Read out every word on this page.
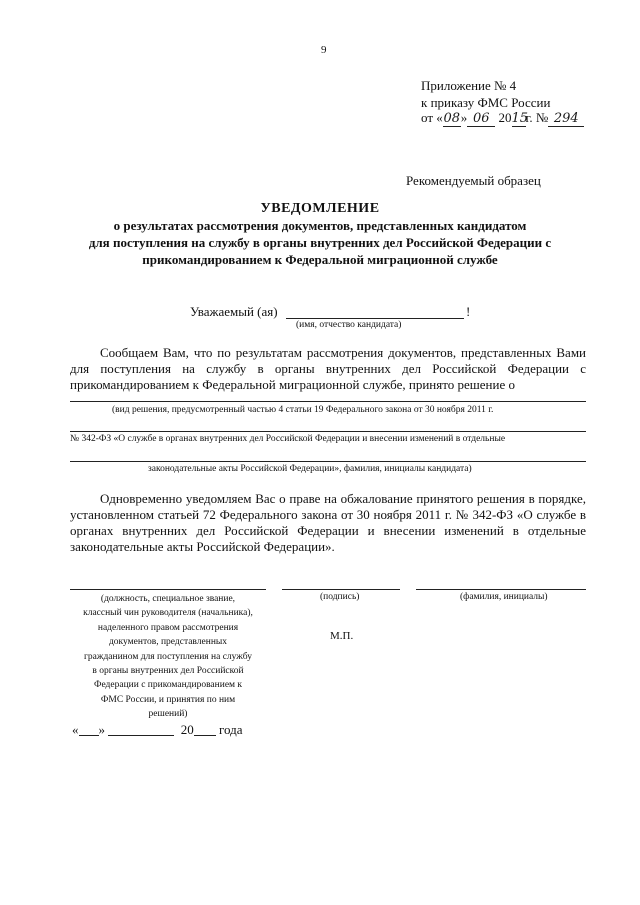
9
Приложение № 4
к приказу ФМС России
от «08» 06 2015г. № 294
Рекомендуемый образец
УВЕДОМЛЕНИЕ
о результатах рассмотрения документов, представленных кандидатом
для поступления на службу в органы внутренних дел Российской Федерации с
прикомандированием к Федеральной миграционной службе
Уважаемый (ая)	!
(имя, отчество кандидата)
Сообщаем Вам, что по результатам рассмотрения документов, представленных Вами
для поступления на службу в органы внутренних дел Российской Федерации с
прикомандированием к Федеральной миграционной службе, принято решение о
(вид решения, предусмотренный частью 4 статьи 19 Федерального закона от 30 ноября 2011 г.
№ 342-ФЗ «О службе в органах внутренних дел Российской Федерации и внесении изменений в отдельные
законодательные акты Российской Федерации», фамилия, инициалы кандидата)
Одновременно уведомляем Вас о праве на обжалование принятого решения в порядке,
установленном статьей 72 Федерального закона от 30 ноября 2011 г. № 342-ФЗ «О службе в
органах внутренних дел Российской Федерации и внесении изменений в отдельные
законодательные акты Российской Федерации».
(должность, специальное звание,
классный чин руководителя (начальника),
наделенного правом рассмотрения
документов, представленных
гражданином для поступления на службу
в органы внутренних дел Российской
Федерации с прикомандированием к
ФМС России, и принятия по ним
решений)
(подпись)	(фамилия, инициалы)
М.П.
« »	20 года
